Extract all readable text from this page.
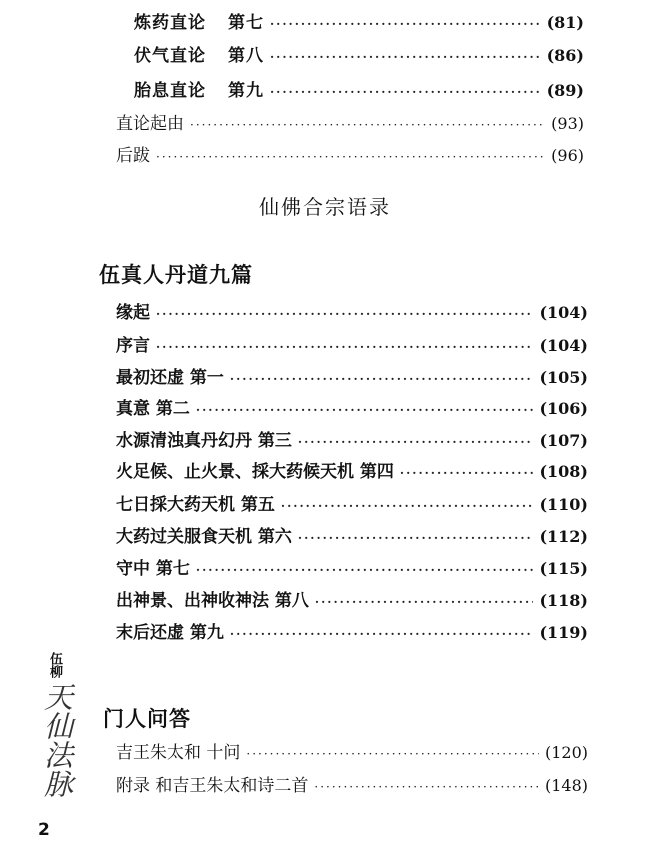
炼药直论 第七 ·····	(81)
伏气直论 第八 ·····	(86)
胎息直论 第九 ·····	(89)
直论起由 ·····	(93)
后跋 ·····	(96)
仙佛合宗语录
伍真人丹道九篇
缘起 ·····	(104)
序言 ·····	(104)
最初还虚 第一 ·····	(105)
真意 第二 ·····	(106)
水源清浊真丹幻丹 第三 ·····	(107)
火足候、止火景、採大药候天机 第四 ·····	(108)
七日採大药天机 第五 ·····	(110)
大药过关服食天机 第六 ·····	(112)
守中 第七 ·····	(115)
出神景、出神收神法 第八 ·····	(118)
末后还虚 第九 ·····	(119)
门人问答
吉王朱太和 十问 ·····	(120)
附录 和吉王朱太和诗二首 ·····	(148)
伍柳
天仙法脉
2
